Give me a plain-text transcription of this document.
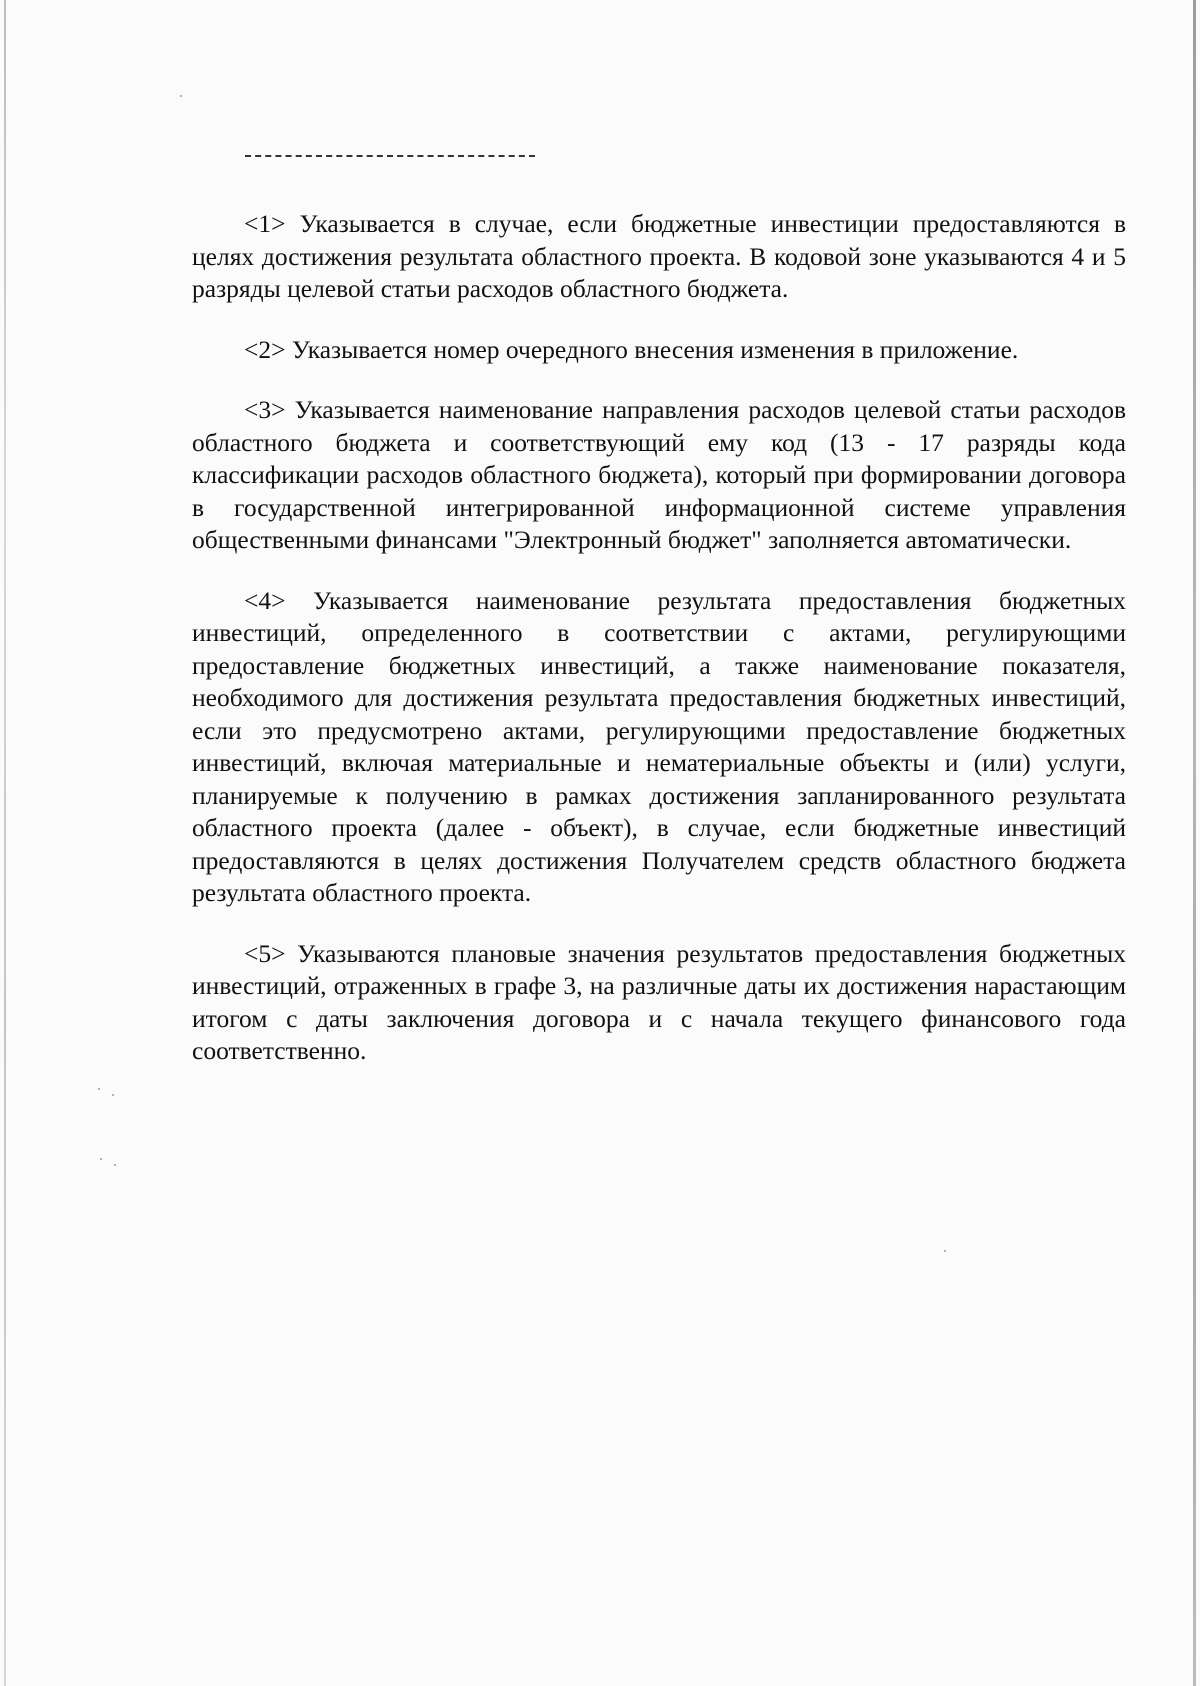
<1> Указывается в случае, если бюджетные инвестиции предоставляются в целях достижения результата областного проекта. В кодовой зоне указываются 4 и 5 разряды целевой статьи расходов областного бюджета.

<2> Указывается номер очередного внесения изменения в приложение.

<3> Указывается наименование направления расходов целевой статьи расходов областного бюджета и соответствующий ему код (13 - 17 разряды кода классификации расходов областного бюджета), который при формировании договора в государственной интегрированной информационной системе управления общественными финансами "Электронный бюджет" заполняется автоматически.

<4> Указывается наименование результата предоставления бюджетных инвестиций, определенного в соответствии с актами, регулирующими предоставление бюджетных инвестиций, а также наименование показателя, необходимого для достижения результата предоставления бюджетных инвестиций, если это предусмотрено актами, регулирующими предоставление бюджетных инвестиций, включая материальные и нематериальные объекты и (или) услуги, планируемые к получению в рамках достижения запланированного результата областного проекта (далее - объект), в случае, если бюджетные инвестиций предоставляются в целях достижения Получателем средств областного бюджета результата областного проекта.

<5> Указываются плановые значения результатов предоставления бюджетных инвестиций, отраженных в графе 3, на различные даты их достижения нарастающим итогом с даты заключения договора и с начала текущего финансового года соответственно.
